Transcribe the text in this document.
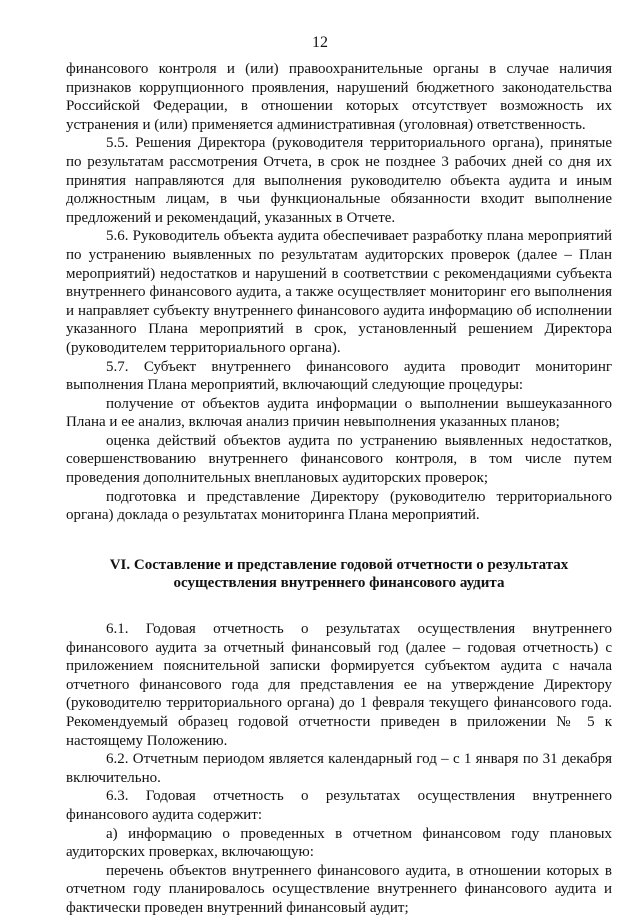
12

финансового контроля и (или) правоохранительные органы в случае наличия признаков коррупционного проявления, нарушений бюджетного законодательства Российской Федерации, в отношении которых отсутствует возможность их устранения и (или) применяется административная (уголовная) ответственность.

5.5. Решения Директора (руководителя территориального органа), принятые по результатам рассмотрения Отчета, в срок не позднее 3 рабочих дней со дня их принятия направляются для выполнения руководителю объекта аудита и иным должностным лицам, в чьи функциональные обязанности входит выполнение предложений и рекомендаций, указанных в Отчете.

5.6. Руководитель объекта аудита обеспечивает разработку плана мероприятий по устранению выявленных по результатам аудиторских проверок (далее – План мероприятий) недостатков и нарушений в соответствии с рекомендациями субъекта внутреннего финансового аудита, а также осуществляет мониторинг его выполнения и направляет субъекту внутреннего финансового аудита информацию об исполнении указанного Плана мероприятий в срок, установленный решением Директора (руководителем территориального органа).

5.7. Субъект внутреннего финансового аудита проводит мониторинг выполнения Плана мероприятий, включающий следующие процедуры:

получение от объектов аудита информации о выполнении вышеуказанного Плана и ее анализ, включая анализ причин невыполнения указанных планов;

оценка действий объектов аудита по устранению выявленных недостатков, совершенствованию внутреннего финансового контроля, в том числе путем проведения дополнительных внеплановых аудиторских проверок;

подготовка и представление Директору (руководителю территориального органа) доклада о результатах мониторинга Плана мероприятий.

VI. Составление и представление годовой отчетности о результатах
осуществления внутреннего финансового аудита

6.1. Годовая отчетность о результатах осуществления внутреннего финансового аудита за отчетный финансовый год (далее – годовая отчетность) с приложением пояснительной записки формируется субъектом аудита с начала отчетного финансового года для представления ее на утверждение Директору (руководителю территориального органа) до 1 февраля текущего финансового года. Рекомендуемый образец годовой отчетности приведен в приложении № 5 к настоящему Положению.

6.2. Отчетным периодом является календарный год – с 1 января по 31 декабря включительно.

6.3. Годовая отчетность о результатах осуществления внутреннего финансового аудита содержит:

а) информацию о проведенных в отчетном финансовом году плановых аудиторских проверках, включающую:

перечень объектов внутреннего финансового аудита, в отношении которых в отчетном году планировалось осуществление внутреннего финансового аудита и фактически проведен внутренний финансовый аудит;
